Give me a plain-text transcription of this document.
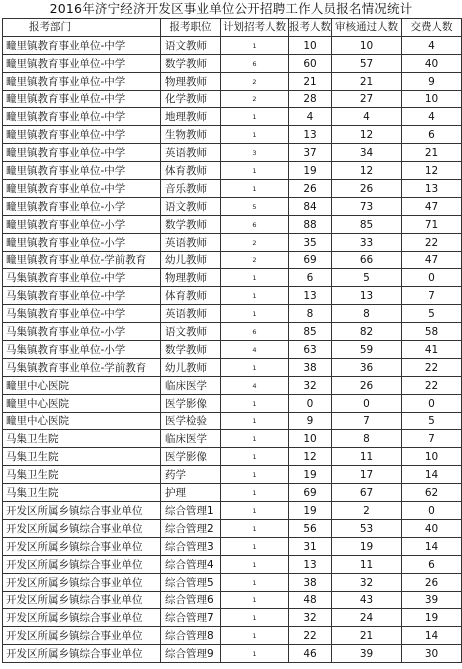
2016年济宁经济开发区事业单位公开招聘工作人员报名情况统计
报考部门	报考职位	计划招考人数	报考人数	审核通过人数	交费人数
疃里镇教育事业单位-中学	语文教师	1	10	10	4
疃里镇教育事业单位-中学	数学教师	6	60	57	40
疃里镇教育事业单位-中学	物理教师	2	21	21	9
疃里镇教育事业单位-中学	化学教师	2	28	27	10
疃里镇教育事业单位-中学	地理教师	1	4	4	4
疃里镇教育事业单位-中学	生物教师	1	13	12	6
疃里镇教育事业单位-中学	英语教师	3	37	34	21
疃里镇教育事业单位-中学	体育教师	1	19	12	12
疃里镇教育事业单位-中学	音乐教师	1	26	26	13
疃里镇教育事业单位-小学	语文教师	5	84	73	47
疃里镇教育事业单位-小学	数学教师	6	88	85	71
疃里镇教育事业单位-小学	英语教师	2	35	33	22
疃里镇教育事业单位-学前教育	幼儿教师	2	69	66	47
马集镇教育事业单位-中学	物理教师	1	6	5	0
马集镇教育事业单位-中学	体育教师	1	13	13	7
马集镇教育事业单位-中学	英语教师	1	8	8	5
马集镇教育事业单位-小学	语文教师	6	85	82	58
马集镇教育事业单位-小学	数学教师	4	63	59	41
马集镇教育事业单位-学前教育	幼儿教师	1	38	36	22
疃里中心医院	临床医学	4	32	26	22
疃里中心医院	医学影像	1	0	0	0
疃里中心医院	医学检验	1	9	7	5
马集卫生院	临床医学	1	10	8	7
马集卫生院	医学影像	1	12	11	10
马集卫生院	药学	1	19	17	14
马集卫生院	护理	1	69	67	62
开发区所属乡镇综合事业单位	综合管理1	1	19	2	0
开发区所属乡镇综合事业单位	综合管理2	1	56	53	40
开发区所属乡镇综合事业单位	综合管理3	1	31	19	14
开发区所属乡镇综合事业单位	综合管理4	1	13	11	6
开发区所属乡镇综合事业单位	综合管理5	1	38	32	26
开发区所属乡镇综合事业单位	综合管理6	1	48	43	39
开发区所属乡镇综合事业单位	综合管理7	1	32	24	19
开发区所属乡镇综合事业单位	综合管理8	1	22	21	14
开发区所属乡镇综合事业单位	综合管理9	1	46	39	30
